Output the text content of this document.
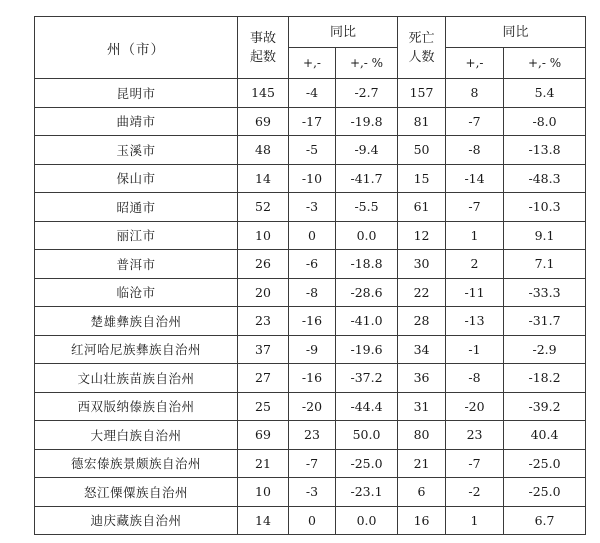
州（市）	事故起数	同比		死亡人数	同比	
		+,-	+,- %		+,-	+,- %
昆明市	145	-4	-2.7	157	8	5.4
曲靖市	69	-17	-19.8	81	-7	-8.0
玉溪市	48	-5	-9.4	50	-8	-13.8
保山市	14	-10	-41.7	15	-14	-48.3
昭通市	52	-3	-5.5	61	-7	-10.3
丽江市	10	0	0.0	12	1	9.1
普洱市	26	-6	-18.8	30	2	7.1
临沧市	20	-8	-28.6	22	-11	-33.3
楚雄彝族自治州	23	-16	-41.0	28	-13	-31.7
红河哈尼族彝族自治州	37	-9	-19.6	34	-1	-2.9
文山壮族苗族自治州	27	-16	-37.2	36	-8	-18.2
西双版纳傣族自治州	25	-20	-44.4	31	-20	-39.2
大理白族自治州	69	23	50.0	80	23	40.4
德宏傣族景颇族自治州	21	-7	-25.0	21	-7	-25.0
怒江傈僳族自治州	10	-3	-23.1	6	-2	-25.0
迪庆藏族自治州	14	0	0.0	16	1	6.7
